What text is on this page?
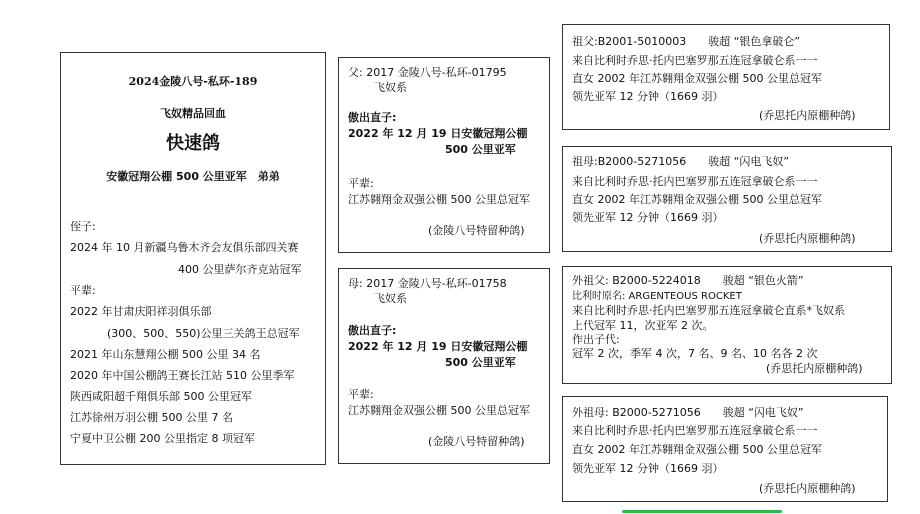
2024金陵八号-私环-189
飞奴精品回血
快速鸽
安徽冠翔公棚 500 公里亚军　弟弟
侄子:
2024 年 10 月新疆乌鲁木齐会友俱乐部四关赛
400 公里萨尔齐克站冠军
平辈:
2022 年甘肃庆阳祥羽俱乐部
(300、500、550)公里三关鸽王总冠军
2021 年山东慧翔公棚 500 公里 34 名
2020 年中国公棚鸽王赛长江站 510 公里季军
陕西咸阳超千翔俱乐部 500 公里冠军
江苏徐州万羽公棚 500 公里 7 名
宁夏中卫公棚 200 公里指定 8 项冠军
父: 2017 金陵八号-私环-01795
飞奴系
傲出直子:
2022 年 12 月 19 日安徽冠翔公棚
500 公里亚军
平辈:
江苏翱翔金双强公棚 500 公里总冠军
(金陵八号特留种鸽)
母: 2017 金陵八号-私环-01758
飞奴系
傲出直子:
2022 年 12 月 19 日安徽冠翔公棚
500 公里亚军
平辈:
江苏翱翔金双强公棚 500 公里总冠军
(金陵八号特留种鸽)
祖父:B2001-5010003　　骏超 “银色拿破仑”
来自比利时乔思·托内巴塞罗那五连冠拿破仑系一一
直女 2002 年江苏翱翔金双强公棚 500 公里总冠军
领先亚军 12 分钟（1669 羽）
(乔思托内原棚种鸽)
祖母:B2000-5271056　　骏超 “闪电飞奴”
来自比利时乔思·托内巴塞罗那五连冠拿破仑系一一
直女 2002 年江苏翱翔金双强公棚 500 公里总冠军
领先亚军 12 分钟（1669 羽）
(乔思托内原棚种鸽)
外祖父: B2000-5224018　　骏超 “银色火箭”
比利时原名: ARGENTEOUS ROCKET
来自比利时乔思·托内巴塞罗那五连冠拿破仑直系*飞奴系
上代冠军 11，次亚军 2 次。
作出子代:
冠军 2 次，季军 4 次，7 名、9 名、10 名各 2 次
(乔思托内原棚种鸽)
外祖母: B2000-5271056　　骏超 “闪电飞奴”
来自比利时乔思·托内巴塞罗那五连冠拿破仑系一一
直女 2002 年江苏翱翔金双强公棚 500 公里总冠军
领先亚军 12 分钟（1669 羽）
(乔思托内原棚种鸽)
